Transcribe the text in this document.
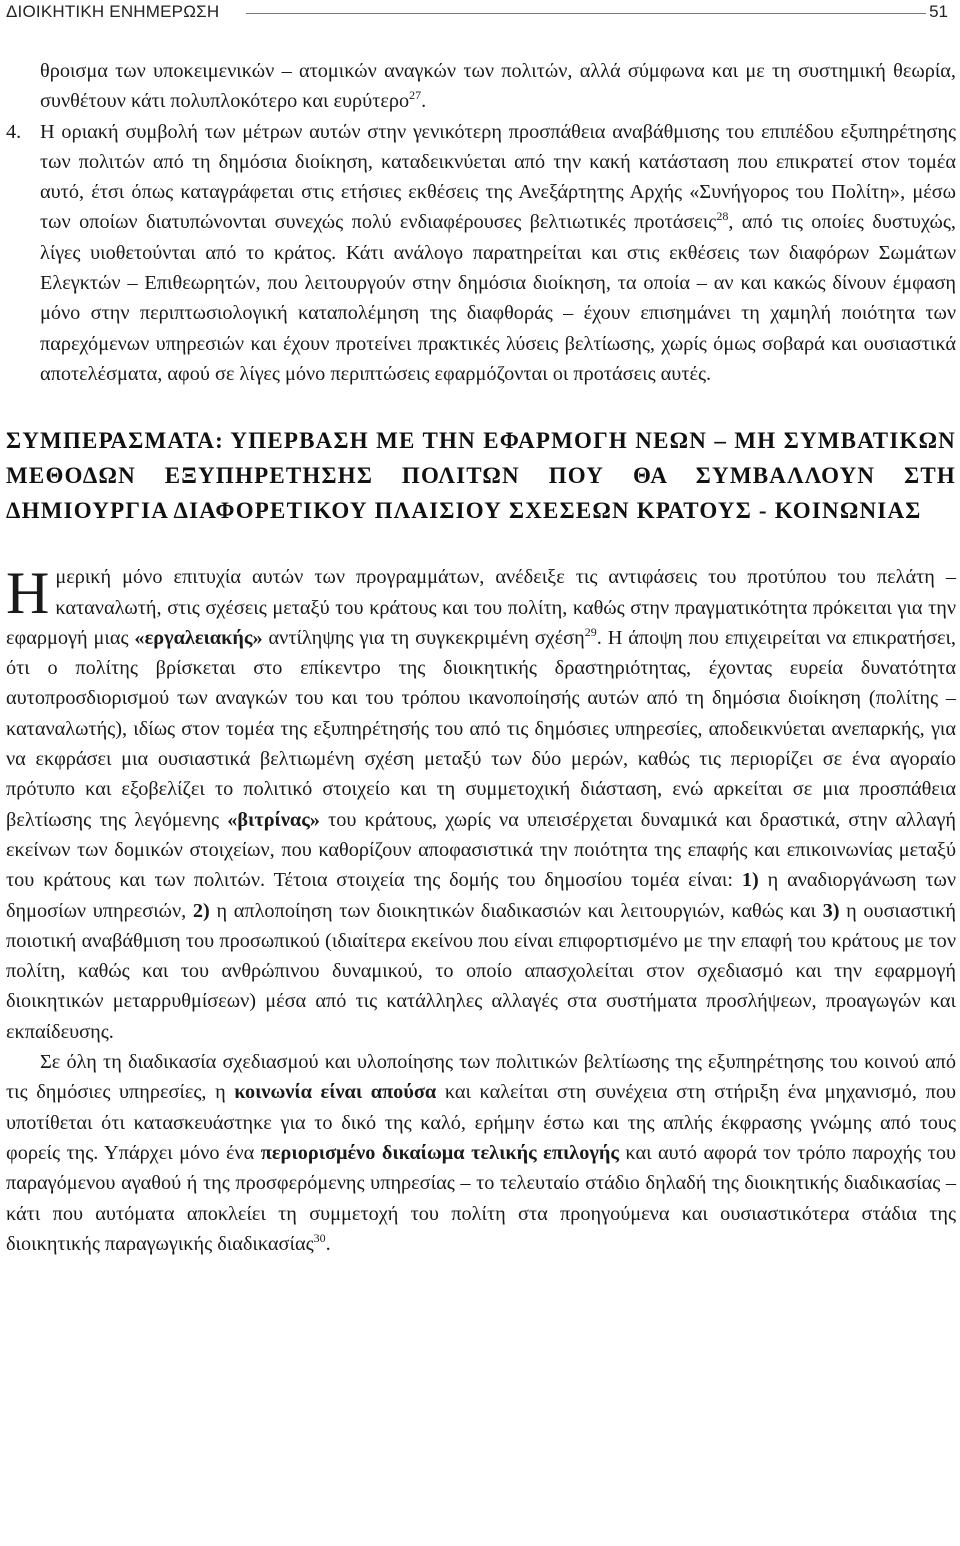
ΔΙΟΙΚΗΤΙΚΗ ΕΝΗΜΕΡΩΣΗ	51

θροισμα των υποκειμενικών – ατομικών αναγκών των πολιτών, αλλά σύμφωνα και με τη συστημική θεωρία, συνθέτουν κάτι πολυπλοκότερο και ευρύτερο$^{27}$.

4. Η οριακή συμβολή των μέτρων αυτών στην γενικότερη προσπάθεια αναβάθμισης του επιπέδου εξυπηρέτησης των πολιτών από τη δημόσια διοίκηση, καταδεικνύεται από την κακή κατάσταση που επικρατεί στον τομέα αυτό, έτσι όπως καταγράφεται στις ετήσιες εκθέσεις της Ανεξάρτητης Αρχής «Συνήγορος του Πολίτη», μέσω των οποίων διατυπώνονται συνεχώς πολύ ενδιαφέρουσες βελτιωτικές προτάσεις$^{28}$, από τις οποίες δυστυχώς, λίγες υιοθετούνται από το κράτος. Κάτι ανάλογο παρατηρείται και στις εκθέσεις των διαφόρων Σωμάτων Ελεγκτών – Επιθεωρητών, που λειτουργούν στην δημόσια διοίκηση, τα οποία – αν και κακώς δίνουν έμφαση μόνο στην περιπτωσιολογική καταπολέμηση της διαφθοράς – έχουν επισημάνει τη χαμηλή ποιότητα των παρεχόμενων υπηρεσιών και έχουν προτείνει πρακτικές λύσεις βελτίωσης, χωρίς όμως σοβαρά και ουσιαστικά αποτελέσματα, αφού σε λίγες μόνο περιπτώσεις εφαρμόζονται οι προτάσεις αυτές.

ΣΥΜΠΕΡΑΣΜΑΤΑ: ΥΠΕΡΒΑΣΗ ΜΕ ΤΗΝ ΕΦΑΡΜΟΓΗ ΝΕΩΝ – ΜΗ ΣΥΜΒΑΤΙΚΩΝ ΜΕΘΟΔΩΝ ΕΞΥΠΗΡΕΤΗΣΗΣ ΠΟΛΙΤΩΝ ΠΟΥ ΘΑ ΣΥΜΒΑΛΛΟΥΝ ΣΤΗ ΔΗΜΙΟΥΡΓΙΑ ΔΙΑΦΟΡΕΤΙΚΟΥ ΠΛΑΙΣΙΟΥ ΣΧΕΣΕΩΝ ΚΡΑΤΟΥΣ - ΚΟΙΝΩΝΙΑΣ

Ημερική μόνο επιτυχία αυτών των προγραμμάτων, ανέδειξε τις αντιφάσεις του προτύπου του πελάτη – καταναλωτή, στις σχέσεις μεταξύ του κράτους και του πολίτη, καθώς στην πραγματικότητα πρόκειται για την εφαρμογή μιας «εργαλειακής» αντίληψης για τη συγκεκριμένη σχέση$^{29}$. Η άποψη που επιχειρείται να επικρατήσει, ότι ο πολίτης βρίσκεται στο επίκεντρο της διοικητικής δραστηριότητας, έχοντας ευρεία δυνατότητα αυτοπροσδιορισμού των αναγκών του και του τρόπου ικανοποίησής αυτών από τη δημόσια διοίκηση (πολίτης – καταναλωτής), ιδίως στον τομέα της εξυπηρέτησής του από τις δημόσιες υπηρεσίες, αποδεικνύεται ανεπαρκής, για να εκφράσει μια ουσιαστικά βελτιωμένη σχέση μεταξύ των δύο μερών, καθώς τις περιορίζει σε ένα αγοραίο πρότυπο και εξοβελίζει το πολιτικό στοιχείο και τη συμμετοχική διάσταση, ενώ αρκείται σε μια προσπάθεια βελτίωσης της λεγόμενης «βιτρίνας» του κράτους, χωρίς να υπεισέρχεται δυναμικά και δραστικά, στην αλλαγή εκείνων των δομικών στοιχείων, που καθορίζουν αποφασιστικά την ποιότητα της επαφής και επικοινωνίας μεταξύ του κράτους και των πολιτών. Τέτοια στοιχεία της δομής του δημοσίου τομέα είναι: 1) η αναδιοργάνωση των δημοσίων υπηρεσιών, 2) η απλοποίηση των διοικητικών διαδικασιών και λειτουργιών, καθώς και 3) η ουσιαστική ποιοτική αναβάθμιση του προσωπικού (ιδιαίτερα εκείνου που είναι επιφορτισμένο με την επαφή του κράτους με τον πολίτη, καθώς και του ανθρώπινου δυναμικού, το οποίο απασχολείται στον σχεδιασμό και την εφαρμογή διοικητικών μεταρρυθμίσεων) μέσα από τις κατάλληλες αλλαγές στα συστήματα προσλήψεων, προαγωγών και εκπαίδευσης.

Σε όλη τη διαδικασία σχεδιασμού και υλοποίησης των πολιτικών βελτίωσης της εξυπηρέτησης του κοινού από τις δημόσιες υπηρεσίες, η κοινωνία είναι απούσα και καλείται στη συνέχεια στη στήριξη ένα μηχανισμό, που υποτίθεται ότι κατασκευάστηκε για το δικό της καλό, ερήμην έστω και της απλής έκφρασης γνώμης από τους φορείς της. Υπάρχει μόνο ένα περιορισμένο δικαίωμα τελικής επιλογής και αυτό αφορά τον τρόπο παροχής του παραγόμενου αγαθού ή της προσφερόμενης υπηρεσίας – το τελευταίο στάδιο δηλαδή της διοικητικής διαδικασίας – κάτι που αυτόματα αποκλείει τη συμμετοχή του πολίτη στα προηγούμενα και ουσιαστικότερα στάδια της διοικητικής παραγωγικής διαδικασίας$^{30}$.
